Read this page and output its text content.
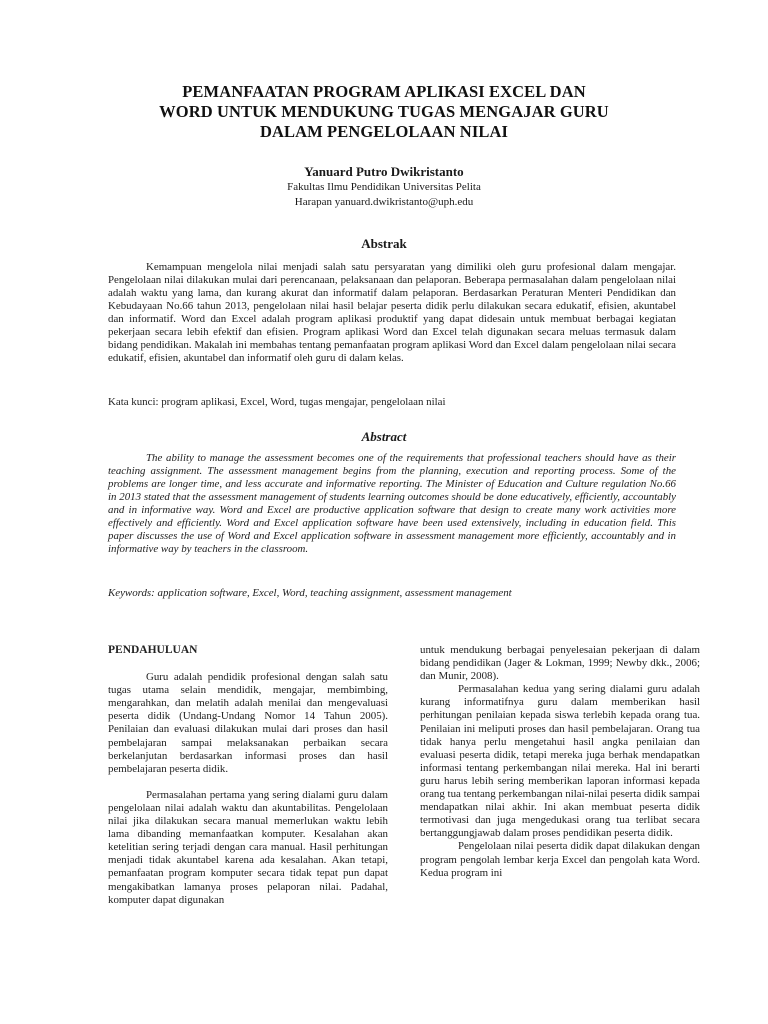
PEMANFAATAN PROGRAM APLIKASI EXCEL DAN
WORD UNTUK MENDUKUNG TUGAS MENGAJAR GURU
DALAM PENGELOLAAN NILAI
Yanuard Putro Dwikristanto
Fakultas Ilmu Pendidikan Universitas Pelita
Harapan yanuard.dwikristanto@uph.edu
Abstrak

Kemampuan mengelola nilai menjadi salah satu persyaratan yang dimiliki oleh guru profesional dalam mengajar. Pengelolaan nilai dilakukan mulai dari perencanaan, pelaksanaan dan pelaporan. Beberapa permasalahan dalam pengelolaan nilai adalah waktu yang lama, dan kurang akurat dan informatif dalam pelaporan. Berdasarkan Peraturan Menteri Pendidikan dan Kebudayaan No.66 tahun 2013, pengelolaan nilai hasil belajar peserta didik perlu dilakukan secara edukatif, efisien, akuntabel dan informatif. Word dan Excel adalah program aplikasi produktif yang dapat didesain untuk membuat berbagai kegiatan pekerjaan secara lebih efektif dan efisien. Program aplikasi Word dan Excel telah digunakan secara meluas termasuk dalam bidang pendidikan. Makalah ini membahas tentang pemanfaatan program aplikasi Word dan Excel dalam pengelolaan nilai secara edukatif, efisien, akuntabel dan informatif oleh guru di dalam kelas.

Kata kunci: program aplikasi, Excel, Word, tugas mengajar, pengelolaan nilai
Abstract

The ability to manage the assessment becomes one of the requirements that professional teachers should have as their teaching assignment. The assessment management begins from the planning, execution and reporting process. Some of the problems are longer time, and less accurate and informative reporting. The Minister of Education and Culture regulation No.66 in 2013 stated that the assessment management of students learning outcomes should be done educatively, efficiently, accountably and in informative way. Word and Excel are productive application software that design to create many work activities more effectively and efficiently. Word and Excel application software have been used extensively, including in education field. This paper discusses the use of Word and Excel application software in assessment management more efficiently, accountably and in informative way by teachers in the classroom.

Keywords: application software, Excel, Word, teaching assignment, assessment management

PENDAHULUAN

Guru adalah pendidik profesional dengan salah satu tugas utama selain mendidik, mengajar, membimbing, mengarahkan, dan melatih adalah menilai dan mengevaluasi peserta didik (Undang-Undang Nomor 14 Tahun 2005). Penilaian dan evaluasi dilakukan mulai dari proses dan hasil pembelajaran sampai melaksanakan perbaikan secara berkelanjutan berdasarkan informasi proses dan hasil pembelajaran peserta didik.

Permasalahan pertama yang sering dialami guru dalam pengelolaan nilai adalah waktu dan akuntabilitas. Pengelolaan nilai jika dilakukan secara manual memerlukan waktu lebih lama dibanding memanfaatkan komputer. Kesalahan akan ketelitian sering terjadi dengan cara manual. Hasil perhitungan menjadi tidak akuntabel karena ada kesalahan. Akan tetapi, pemanfaatan program komputer secara tidak tepat pun dapat mengakibatkan lamanya proses pelaporan nilai. Padahal, komputer dapat digunakan

untuk mendukung berbagai penyelesaian pekerjaan di dalam bidang pendidikan (Jager & Lokman, 1999; Newby dkk., 2006; dan Munir, 2008).

Permasalahan kedua yang sering dialami guru adalah kurang informatifnya guru dalam memberikan hasil perhitungan penilaian kepada siswa terlebih kepada orang tua. Penilaian ini meliputi proses dan hasil pembelajaran. Orang tua tidak hanya perlu mengetahui hasil angka penilaian dan evaluasi peserta didik, tetapi mereka juga berhak mendapatkan informasi tentang perkembangan nilai mereka. Hal ini berarti guru harus lebih sering memberikan laporan informasi kepada orang tua tentang perkembangan nilai-nilai peserta didik sampai mendapatkan nilai akhir. Ini akan membuat peserta didik termotivasi dan juga mengedukasi orang tua terlibat secara bertanggungjawab dalam proses pendidikan peserta didik.

Pengelolaan nilai peserta didik dapat dilakukan dengan program pengolah lembar kerja Excel dan pengolah kata Word. Kedua program ini
